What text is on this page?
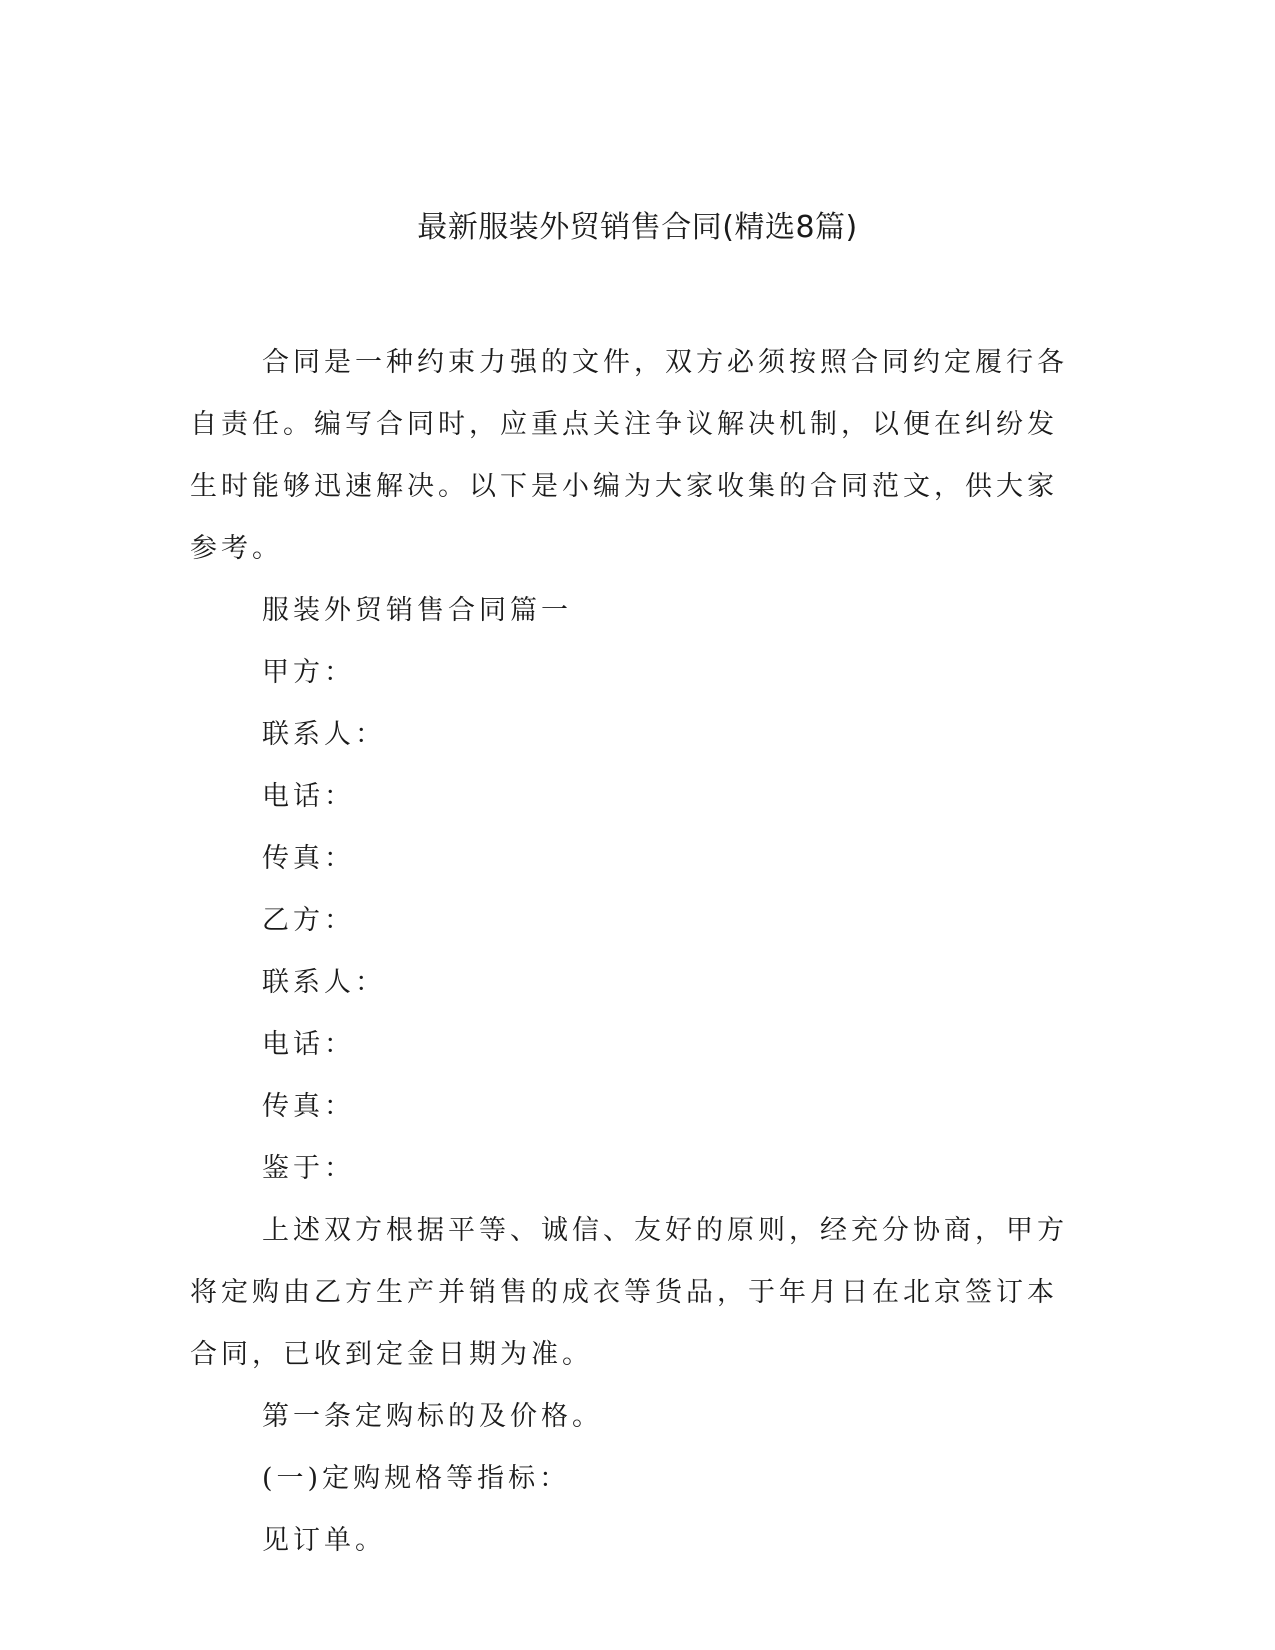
最新服装外贸销售合同(精选8篇)

合同是一种约束力强的文件，双方必须按照合同约定履行各自责任。编写合同时，应重点关注争议解决机制，以便在纠纷发生时能够迅速解决。以下是小编为大家收集的合同范文，供大家参考。

服装外贸销售合同篇一

甲方：

联系人：

电话：

传真：

乙方：

联系人：

电话：

传真：

鉴于：

上述双方根据平等、诚信、友好的原则，经充分协商，甲方将定购由乙方生产并销售的成衣等货品，于年月日在北京签订本合同，已收到定金日期为准。

第一条定购标的及价格。

(一)定购规格等指标：

见订单。
